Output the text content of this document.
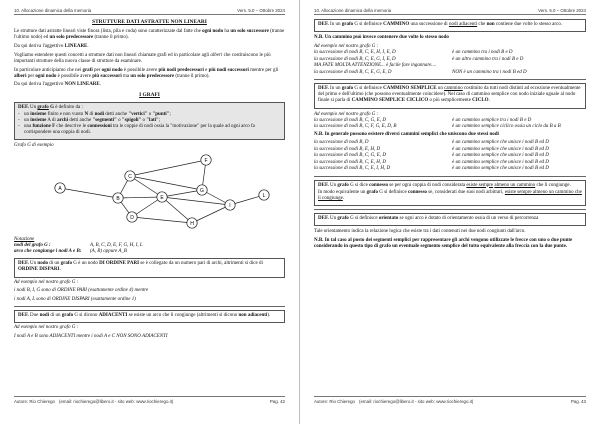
10. Allocazione dinamica della memoria	Vers. 5.0 – Ottobre 2024
STRUTTURE DATI ASTRATTE NON LINEARI

Le strutture dati astratte lineari viste finora (lista, pila e coda) sono caratterizzate dal fatte che ogni nodo ha un solo successore (tranne l'ultimo nodo) ed un solo predecessore (tranne il primo).

Da qui deriva l'aggettivo LINEARE.

Vogliamo estendere questi concetti a strutture dati non lineari chiamate grafi ed in particolare agli alberi che costituiscono le più importanti strutture della nuova classe di strutture da esaminare.

In particolare anticipiamo che nei grafi per ogni nodo è possibile avere più nodi predecessori e più nodi successori mentre per gli alberi per ogni nodo è possibile avere più successori ma un solo predecessore (tranne il primo).

Da qui deriva l'aggettivo NON LINEARE.

I GRAFI

DEF. Un grafo G è definito da :

- un insieme finito e non vuoto N di nodi detti anche "vertici" o "punti";
- un insieme A di archi detti anche "segmenti" o "spigoli" o "lati";
- una funzione F che descrive le connessioni tra le coppie di nodi ossia la "motivazione" per la quale ad ogni arco fa corrispondere una coppia di nodi.
Grafo G di esempio
A
B
C
D
E
F
G
H
I
L
Notazione
nodi del grafo G :	A, B, C, D, E, F, G, H, I, L
arco che congiunge i nodi A e B:	(A, B) oppure A_B

DEF. Un nodo di un grafo G è un nodo DI ORDINE PARI se è collegato da un numero pari di archi, altrimenti si dice di ORDINE DISPARI.

Ad esempio nel nostro grafo G :

i nodi B, I, G sono di ORDINE PARI (esattamente ordine 4) mentre

i nodi A, L sono di ORDINE DISPARI (esattamente ordine 1)

DEF. Due nodi di un grafo G si dicono ADIACENTI se esiste un arco che li congiunge (altrimenti si dicono non adiacenti).

Ad esempio nel nostro grafo G :

I nodi A e B sono ADIACENTI mentre i nodi A e C NON SONO ADIACENTI

Autore: Rio Chierego (email: riochierego@libero.it - sito web: www.riochierego.it)	Pag. 42
10. Allocazione dinamica della memoria	Vers. 5.0 – Ottobre 2024

DEF. In un grafo G si definisce CAMMINO una successione di nodi adiacenti che non contiene due volte lo stesso arco.

N.B. Un cammino può invece contenere due volte lo stesso nodo

Ad esempio nel nostro grafo G :
la successione di nodi B, C, E, H, I, E, D	è un cammino tra i nodi B e D
la successione di nodi B, C, E, G, I, E, D	è un altro cammino tra i nodi B e D
MA FATE MOLTA ATTENZIONE... è facile fare ingannare....
la successione di nodi B, C, E, G, E, D	NON è un cammino tra i nodi B ed D

DEF. In un grafo G si definisce CAMMINO SEMPLICE un cammino costituito da tutti nodi distinti ad eccezione eventualmente del primo e dell'ultimo (che possono eventualmente coincidere). Nel caso di cammino semplice con nodo iniziale uguale al nodo finale si parla di CAMMINO SEMPLICE CICLICO o più semplicemente CICLO.

Ad esempio nel nostro grafo G :
la successione di nodi B, C, G, E, D	è un cammino semplice tra i nodi B e D
la successione di nodi B, C, F, G, E, D, B	è un cammino semplice ciclico ossia un ciclo da B a B

N.B. In generale possono esistere diversi cammini semplici che uniscono due stessi nodi

la successione di nodi B, D	è un cammino semplice che unisce i nodi B ed D
la successione di nodi B, E, H, D	è un cammino semplice che unisce i nodi B ed D
la successione di nodi B, C, G, E, D	è un cammino semplice che unisce i nodi B ed D
la successione di nodi B, C, E, H, D	è un cammino semplice che unisce i nodi B ed D
la successione di nodi B, C, E, I, H, D	è un cammino semplice che unisce i nodi B ed D

DEF. Un grafo G si dice connesso se per ogni coppia di nodi considerata esiste sempre almeno un cammino che li congiunge.

In modo equivalente un grafo G si definisce connesso se, considerati due suoi nodi arbitrari, esiste sempre almeno un cammino che li congiunge.

DEF. Un grafo G si definisce orientato se ogni arco è dotato di orientamento ossia di un verso di percorrenza

Tale orientamento indica la relazione logica che esiste tra i dati contenuti nei due nodi congiunti dall'arco.

N.B. In tal caso al posto dei segmenti semplici per rappresentare gli archi vengono utilizzate le frecce con uno o due punte considerando in questo tipo di grafo un eventuale segmento semplice del tutto equivalente alla freccia con la due punte.

Autore: Rio Chierego (email: riochierego@libero.it - sito web: www.riochierego.it)	Pag. 43
